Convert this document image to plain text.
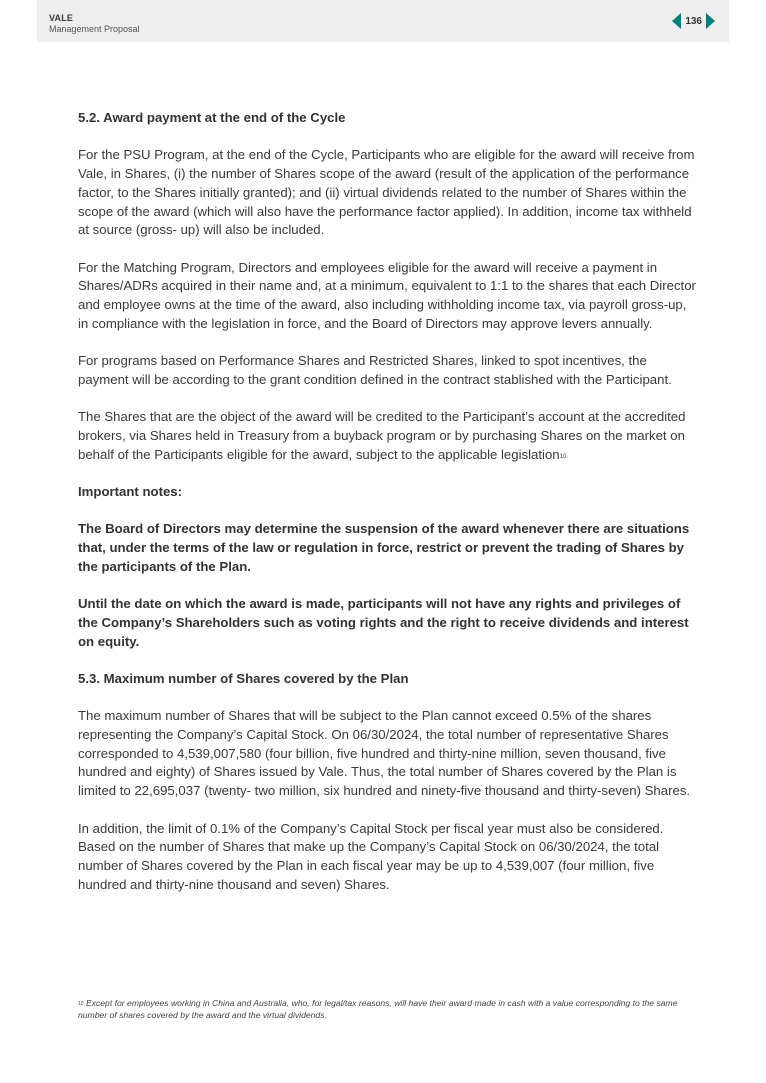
VALE
Management Proposal
136
5.2. Award payment at the end of the Cycle

For the PSU Program, at the end of the Cycle, Participants who are eligible for the award will receive from Vale, in Shares, (i) the number of Shares scope of the award (result of the application of the performance factor, to the Shares initially granted); and (ii) virtual dividends related to the number of Shares within the scope of the award (which will also have the performance factor applied). In addition, income tax withheld at source (gross- up) will also be included.

For the Matching Program, Directors and employees eligible for the award will receive a payment in Shares/ADRs acquired in their name and, at a minimum, equivalent to 1:1 to the shares that each Director and employee owns at the time of the award, also including withholding income tax, via payroll gross-up, in compliance with the legislation in force, and the Board of Directors may approve levers annually.

For programs based on Performance Shares and Restricted Shares, linked to spot incentives, the payment will be according to the grant condition defined in the contract stablished with the Participant.

The Shares that are the object of the award will be credited to the Participant’s account at the accredited brokers, via Shares held in Treasury from a buyback program or by purchasing Shares on the market on behalf of the Participants eligible for the award, subject to the applicable legislation$^{10.}$

Important notes:

The Board of Directors may determine the suspension of the award whenever there are situations that, under the terms of the law or regulation in force, restrict or prevent the trading of Shares by the participants of the Plan.

Until the date on which the award is made, participants will not have any rights and privileges of the Company’s Shareholders such as voting rights and the right to receive dividends and interest on equity.

5.3. Maximum number of Shares covered by the Plan

The maximum number of Shares that will be subject to the Plan cannot exceed 0.5% of the shares representing the Company’s Capital Stock. On 06/30/2024, the total number of representative Shares corresponded to 4,539,007,580 (four billion, five hundred and thirty-nine million, seven thousand, five hundred and eighty) of Shares issued by Vale. Thus, the total number of Shares covered by the Plan is limited to 22,695,037 (twenty- two million, six hundred and ninety-five thousand and thirty-seven) Shares.

In addition, the limit of 0.1% of the Company’s Capital Stock per fiscal year must also be considered. Based on the number of Shares that make up the Company’s Capital Stock on 06/30/2024, the total number of Shares covered by the Plan in each fiscal year may be up to 4,539,007 (four million, five hundred and thirty-nine thousand and seven) Shares.

$^{10}$ Except for employees working in China and Australia, who, for legal/tax reasons, will have their award made in cash with a value corresponding to the same number of shares covered by the award and the virtual dividends.
